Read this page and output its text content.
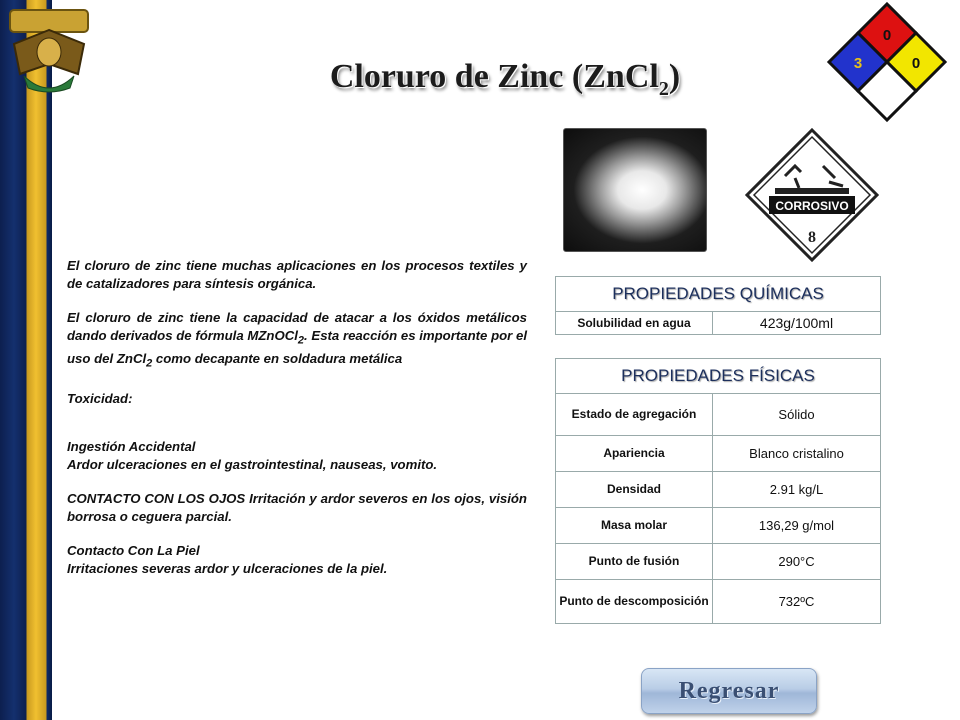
Cloruro de Zinc (ZnCl$_2$)
0
3	0
CORROSIVO
8

El cloruro de zinc tiene muchas aplicaciones en los procesos textiles y de catalizadores para síntesis orgánica.

El cloruro de zinc tiene la capacidad de atacar a los óxidos metálicos dando derivados de fórmula MZnOCl$_2$. Esta reacción es importante por el uso del ZnCl$_2$ como decapante en soldadura metálica

Toxicidad:

Ingestión Accidental

Ardor ulceraciones en el gastrointestinal, nauseas, vomito.

CONTACTO CON LOS OJOS Irritación y ardor severos en los ojos, visión borrosa o ceguera parcial.

Contacto Con La Piel

Irritaciones severas ardor y ulceraciones de la piel.

PROPIEDADES QUÍMICAS
Solubilidad en agua	423g/100ml
PROPIEDADES FÍSICAS	
Estado de agregación	Sólido
Apariencia	Blanco cristalino
Densidad	2.91 kg/L
Masa molar	136,29 g/mol
Punto de fusión	290°C
Punto de descomposición	732ºC
Regresar
